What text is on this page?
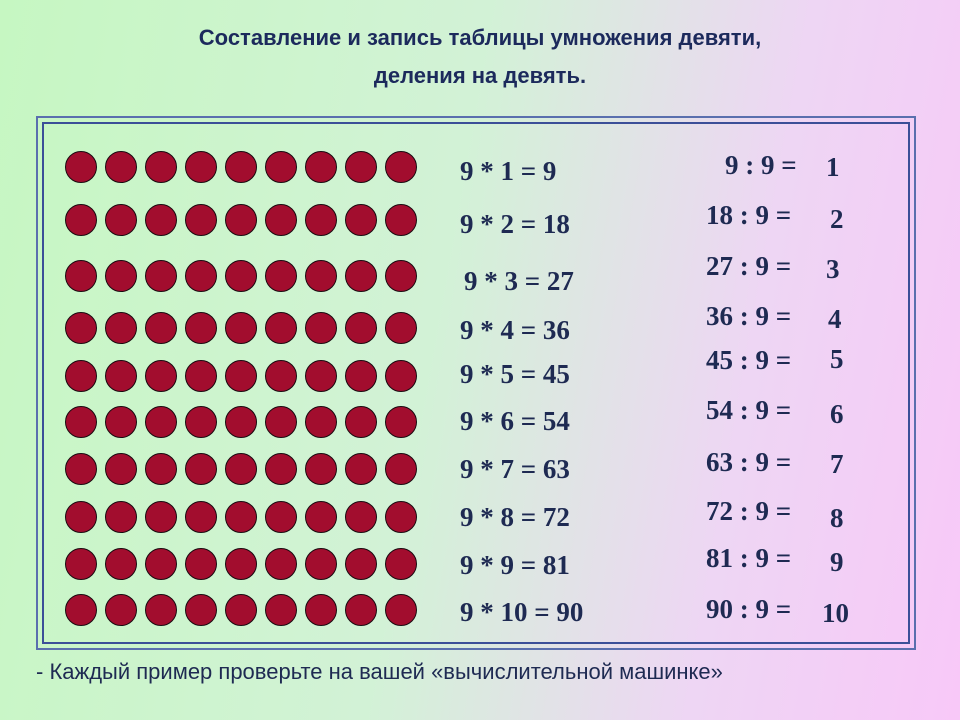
Составление и запись таблицы умножения девяти,
деления на девять.
9 * 1 = 9
9 * 2 = 18
9 * 3 = 27
9 * 4 = 36
9 * 5 = 45
9 * 6 = 54
9 * 7 = 63
9 * 8 = 72
9 * 9 = 81
9 * 10 = 90
9 : 9 = 1
18 : 9 = 2
27 : 9 = 3
36 : 9 = 4
45 : 9 = 5
54 : 9 = 6
63 : 9 = 7
72 : 9 = 8
81 : 9 = 9
90 : 9 = 10
- Каждый пример проверьте на вашей «вычислительной машинке»
